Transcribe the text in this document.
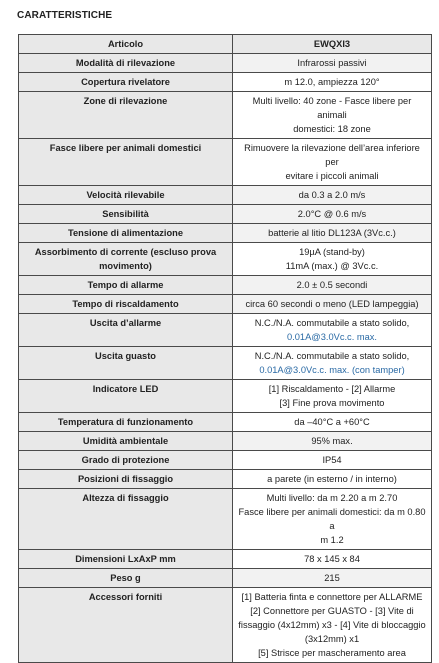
CARATTERISTICHE
Articolo	EWQXI3
Modalità di rilevazione	Infrarossi passivi

Copertura rivelatore	m 12.0, ampiezza 120°

Zone di rilevazione	Multi livello: 40 zone - Fasce libere per animali
domestici: 18 zone

Fasce libere per animali domestici	Rimuovere la rilevazione dell’area inferiore per
evitare i piccoli animali

Velocità rilevabile	da 0.3 a 2.0 m/s

Sensibilità	2.0°C @ 0.6 m/s

Tensione di alimentazione	batterie al litio DL123A (3Vc.c.)

Assorbimento di corrente (escluso prova movimento)	19µA (stand-by)
11mA (max.) @ 3Vc.c.

Tempo di allarme	2.0 ± 0.5 secondi

Tempo di riscaldamento	circa 60 secondi o meno (LED lampeggia)

Uscita d’allarme	N.C./N.A. commutabile a stato solido,
0.01A@3.0Vc.c. max.

Uscita guasto	N.C./N.A. commutabile a stato solido,
0.01A@3.0Vc.c. max. (con tamper)

Indicatore LED	[1] Riscaldamento - [2] Allarme
[3] Fine prova movimento

Temperatura di funzionamento	da –40°C a +60°C

Umidità ambientale	95% max.

Grado di protezione	IP54

Posizioni di fissaggio	a parete (in esterno / in interno)

Altezza di fissaggio	Multi livello: da m 2.20 a m 2.70
Fasce libere per animali domestici: da m 0.80 a
m 1.2

Dimensioni LxAxP mm	78 x 145 x 84

Peso g	215

Accessori forniti	[1] Batteria finta e connettore per ALLARME
[2] Connettore per GUASTO - [3] Vite di
fissaggio (4x12mm) x3 - [4] Vite di bloccaggio
(3x12mm) x1
[5] Strisce per mascheramento area
